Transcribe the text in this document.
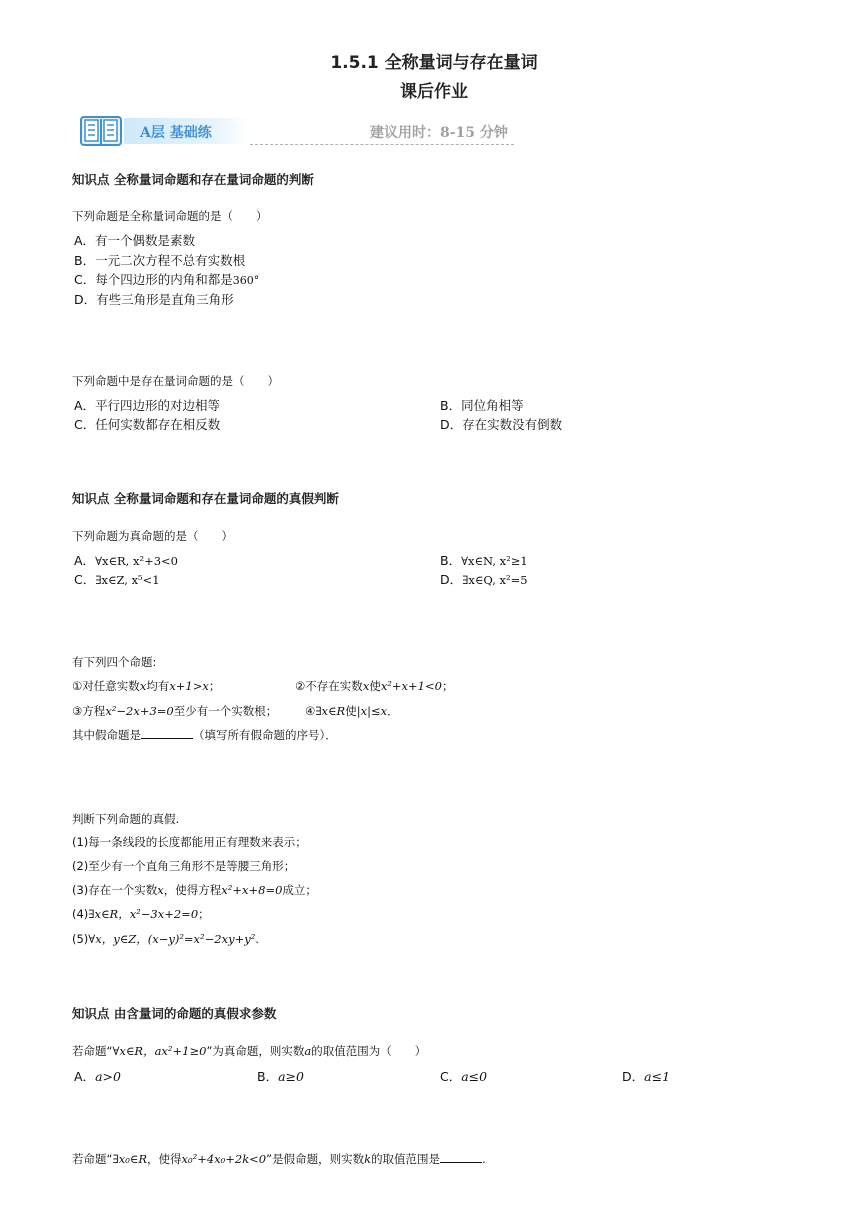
1.5.1 全称量词与存在量词
课后作业
A层 基础练	建议用时：8-15 分钟
知识点 全称量词命题和存在量词命题的判断
下列命题是全称量词命题的是（　　）
A．有一个偶数是素数
B．一元二次方程不总有实数根
C．每个四边形的内角和都是360°
D．有些三角形是直角三角形
下列命题中是存在量词命题的是（　　）
A．平行四边形的对边相等	B．同位角相等
C．任何实数都存在相反数	D．存在实数没有倒数
知识点 全称量词命题和存在量词命题的真假判断
下列命题为真命题的是（　　）
A．∀x∈R, x²+3<0	B．∀x∈N, x²≥1
C．∃x∈Z, x⁵<1	D．∃x∈Q, x²=5
有下列四个命题:
①对任意实数x均有x+1>x；	②不存在实数x使x²+x+1<0；
③方程x²−2x+3=0至少有一个实数根； ④∃x∈R使|x|≤x．
其中假命题是	（填写所有假命题的序号）．
判断下列命题的真假.
(1)每一条线段的长度都能用正有理数来表示；
(2)至少有一个直角三角形不是等腰三角形；
(3)存在一个实数x，使得方程x²+x+8=0成立；
(4)∃x∈R，x²−3x+2=0；
(5)∀x，y∈Z，(x−y)²=x²−2xy+y².
知识点 由含量词的命题的真假求参数
若命题“∀x∈R，ax²+1≥0”为真命题，则实数a的取值范围为（　　）
A．a>0	B．a≥0	C．a≤0	D．a≤1
若命题“∃x₀∈R，使得x₀²+4x₀+2k<0”是假命题，则实数k的取值范围是	.
